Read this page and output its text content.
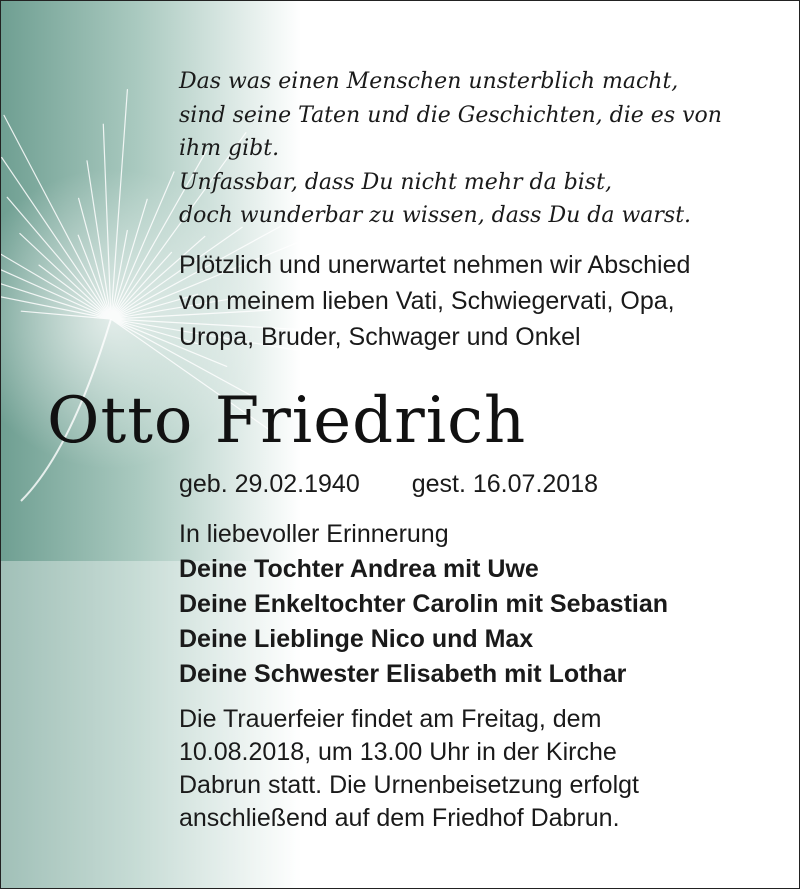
Das was einen Menschen unsterblich macht,
sind seine Taten und die Geschichten, die es von
ihm gibt.
Unfassbar, dass Du nicht mehr da bist,
doch wunderbar zu wissen, dass Du da warst.
Plötzlich und unerwartet nehmen wir Abschied
von meinem lieben Vati, Schwiegervati, Opa,
Uropa, Bruder, Schwager und Onkel
Otto Friedrich
geb. 29.02.1940 gest. 16.07.2018
In liebevoller Erinnerung
Deine Tochter Andrea mit Uwe
Deine Enkeltochter Carolin mit Sebastian
Deine Lieblinge Nico und Max
Deine Schwester Elisabeth mit Lothar
Die Trauerfeier findet am Freitag, dem
10.08.2018, um 13.00 Uhr in der Kirche
Dabrun statt. Die Urnenbeisetzung erfolgt
anschließend auf dem Friedhof Dabrun.
